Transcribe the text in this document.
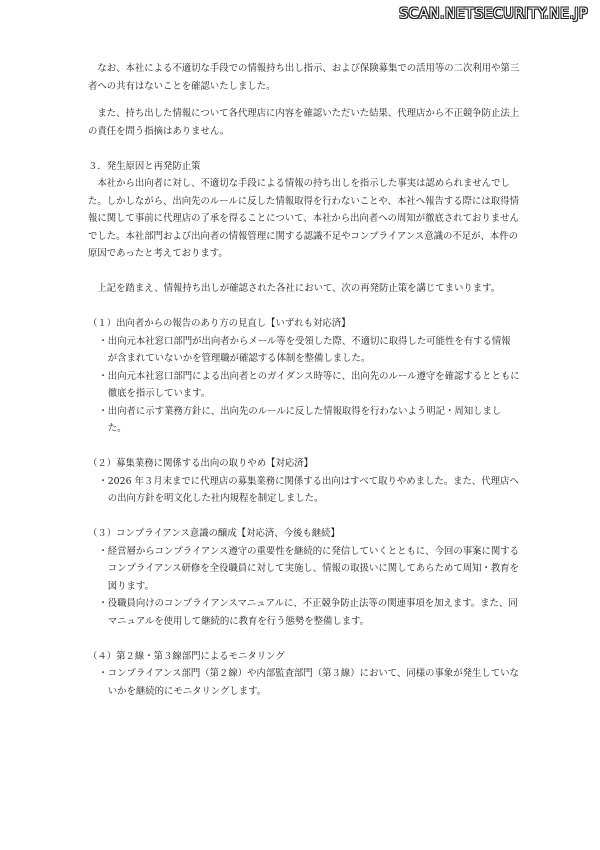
SCAN.NETSECURITY.NE.JP

なお、本社による不適切な手段での情報持ち出し指示、および保険募集での活用等の二次利用や第三者への共有はないことを確認いたしました。

また、持ち出した情報について各代理店に内容を確認いただいた結果、代理店から不正競争防止法上の責任を問う指摘はありません。

３．発生原因と再発防止策

本社から出向者に対し、不適切な手段による情報の持ち出しを指示した事実は認められませんでした。しかしながら、出向先のルールに反した情報取得を行わないことや、本社へ報告する際には取得情報に関して事前に代理店の了承を得ることについて、本社から出向者への周知が徹底されておりませんでした。本社部門および出向者の情報管理に関する認識不足やコンプライアンス意識の不足が、本件の原因であったと考えております。

上記を踏まえ、情報持ち出しが確認された各社において、次の再発防止策を講じてまいります。

（１）出向者からの報告のあり方の見直し【いずれも対応済】

・出向元本社窓口部門が出向者からメール等を受領した際、不適切に取得した可能性を有する情報が含まれていないかを管理職が確認する体制を整備しました。

・出向元本社窓口部門による出向者とのガイダンス時等に、出向先のルール遵守を確認するとともに徹底を指示しています。

・出向者に示す業務方針に、出向先のルールに反した情報取得を行わないよう明記・周知しました。

（２）募集業務に関係する出向の取りやめ【対応済】

・2026 年３月末までに代理店の募集業務に関係する出向はすべて取りやめました。また、代理店への出向方針を明文化した社内規程を制定しました。

（３）コンプライアンス意識の醸成【対応済、今後も継続】

・経営層からコンプライアンス遵守の重要性を継続的に発信していくとともに、今回の事案に関するコンプライアンス研修を全役職員に対して実施し、情報の取扱いに関してあらためて周知・教育を図ります。

・役職員向けのコンプライアンスマニュアルに、不正競争防止法等の関連事項を加えます。また、同マニュアルを使用して継続的に教育を行う態勢を整備します。

（４）第２線・第３線部門によるモニタリング

・コンプライアンス部門（第２線）や内部監査部門（第３線）において、同様の事象が発生していないかを継続的にモニタリングします。
